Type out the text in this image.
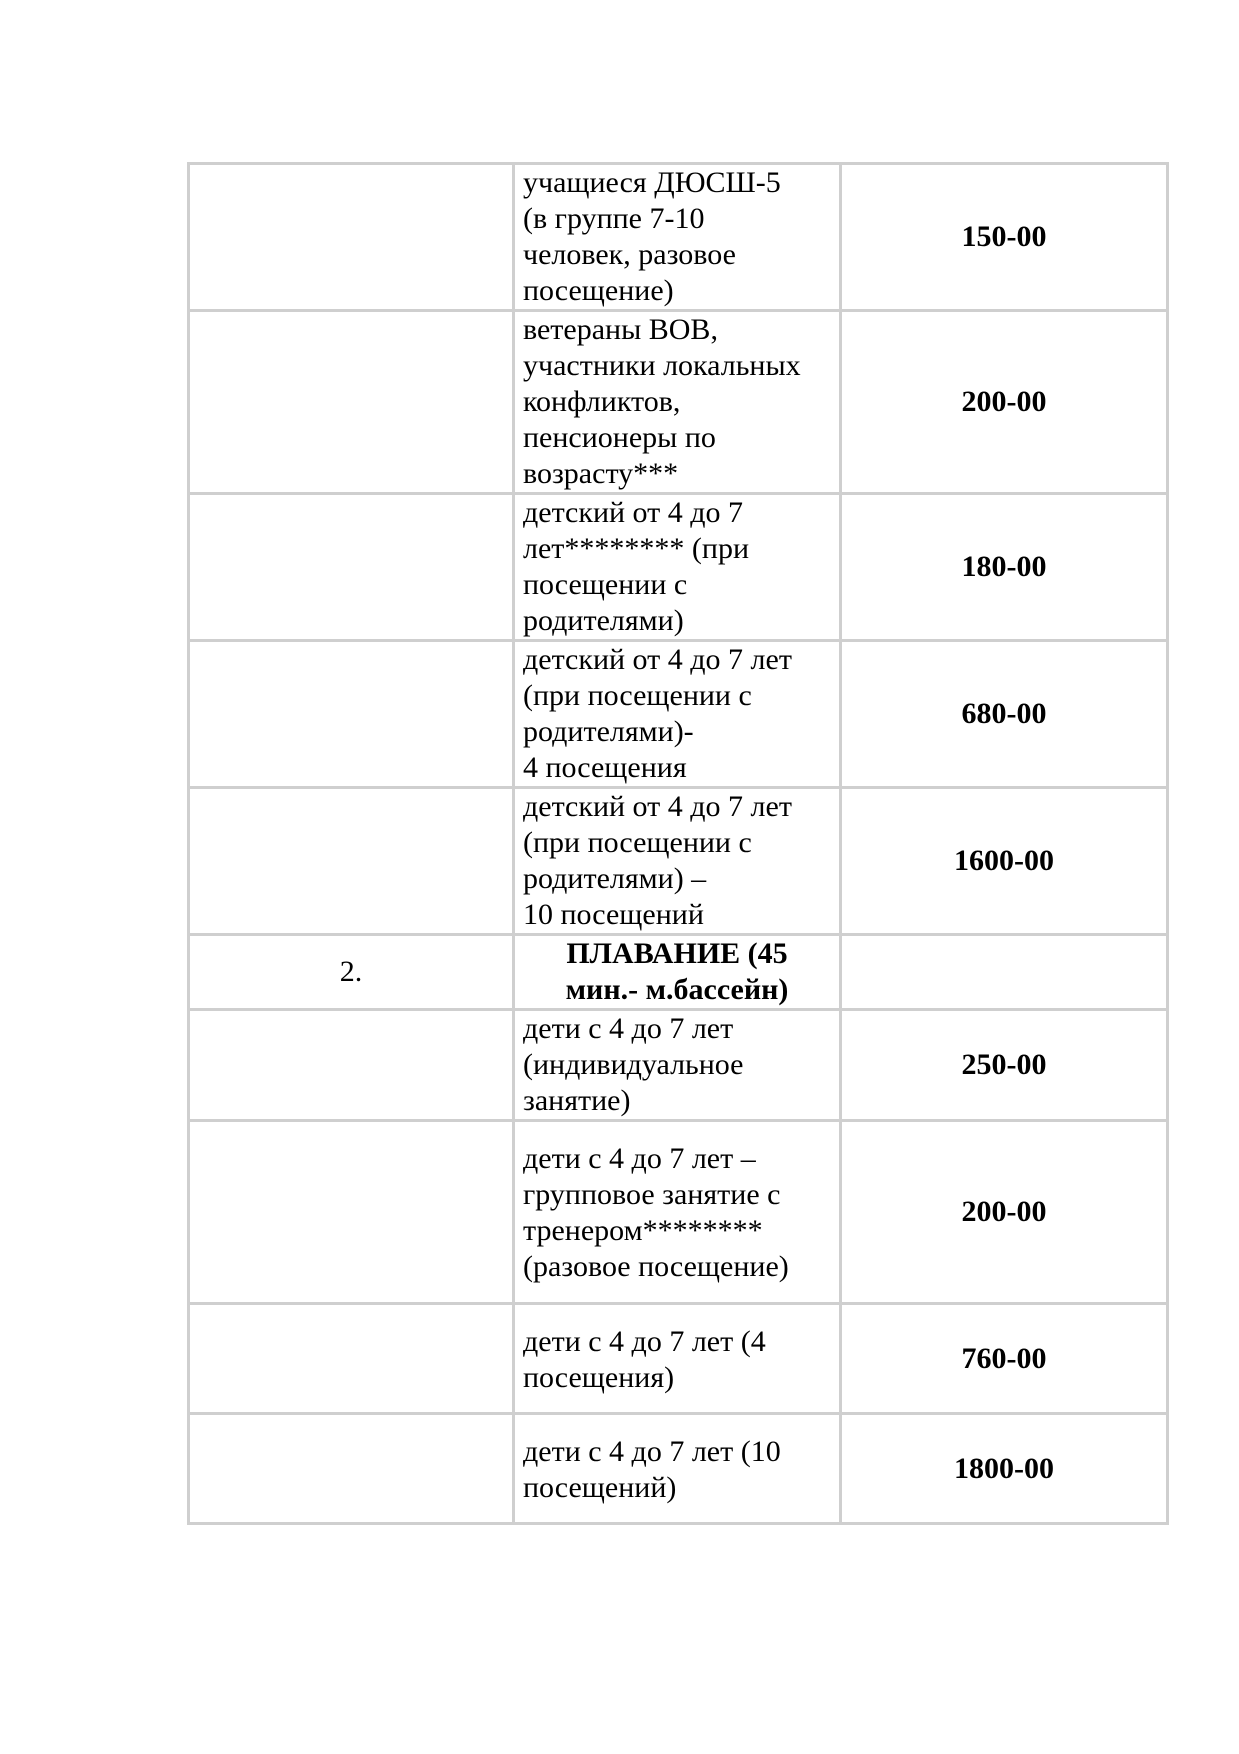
	учащиеся ДЮСШ-5
(в группе 7-10
человек, разовое
посещение)	150-00
	ветераны ВОВ,
участники локальных
конфликтов,
пенсионеры по
возрасту***	200-00
	детский от 4 до 7
лет******** (при
посещении с
родителями)	180-00
	детский от 4 до 7 лет
(при посещении с
родителями)-
4 посещения	680-00
	детский от 4 до 7 лет
(при посещении с
родителями) –
10 посещений	1600-00
2.	ПЛАВАНИЕ (45
мин.- м.бассейн)	
	дети с 4 до 7 лет
(индивидуальное
занятие)	250-00
	дети с 4 до 7 лет –
групповое занятие с
тренером********
(разовое посещение)	200-00
	дети с 4 до 7 лет (4
посещения)	760-00
	дети с 4 до 7 лет (10
посещений)	1800-00
